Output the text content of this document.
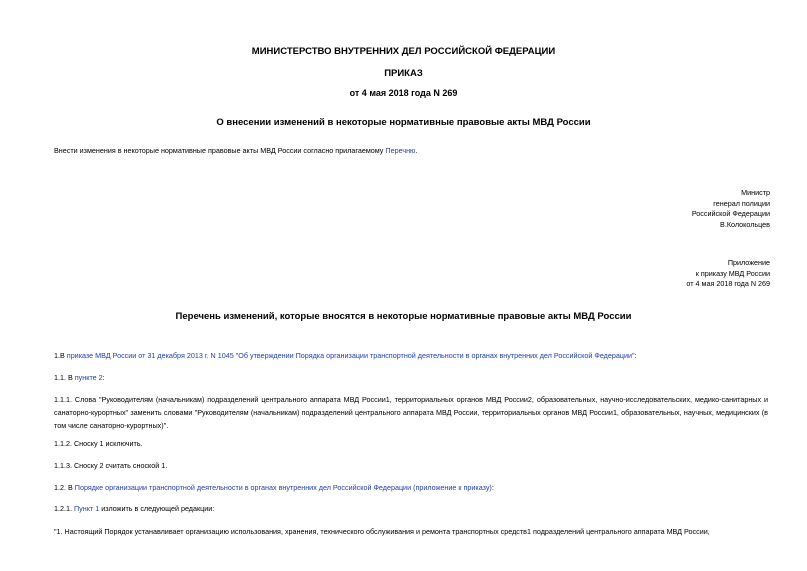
МИНИСТЕРСТВО ВНУТРЕННИХ ДЕЛ РОССИЙСКОЙ ФЕДЕРАЦИИ
ПРИКАЗ
от 4 мая 2018 года N 269
О внесении изменений в некоторые нормативные правовые акты МВД России
Внести изменения в некоторые нормативные правовые акты МВД России согласно прилагаемому Перечню.
Министр
генерал полиции
Российской Федерации
В.Колокольцев
Приложение
к приказу МВД России
от 4 мая 2018 года N 269
Перечень изменений, которые вносятся в некоторые нормативные правовые акты МВД России
1.В приказе МВД России от 31 декабря 2013 г. N 1045 "Об утверждении Порядка организации транспортной деятельности в органах внутренних дел Российской Федерации":
1.1. В пункте 2:
1.1.1. Слова "Руководителям (начальникам) подразделений центрального аппарата МВД России1, территориальных органов МВД России2, образовательных, научно-исследовательских, медико-санитарных и санаторно-курортных" заменить словами "Руководителям (начальникам) подразделений центрального аппарата МВД России, территориальных органов МВД России1, образовательных, научных, медицинских (в том числе санаторно-курортных)".
1.1.2. Сноску 1 исключить.
1.1.3. Сноску 2 считать сноской 1.
1.2. В Порядке организации транспортной деятельности в органах внутренних дел Российской Федерации (приложение к приказу):
1.2.1. Пункт 1 изложить в следующей редакции:
"1. Настоящий Порядок устанавливает организацию использования, хранения, технического обслуживания и ремонта транспортных средств1 подразделений центрального аппарата МВД России,
